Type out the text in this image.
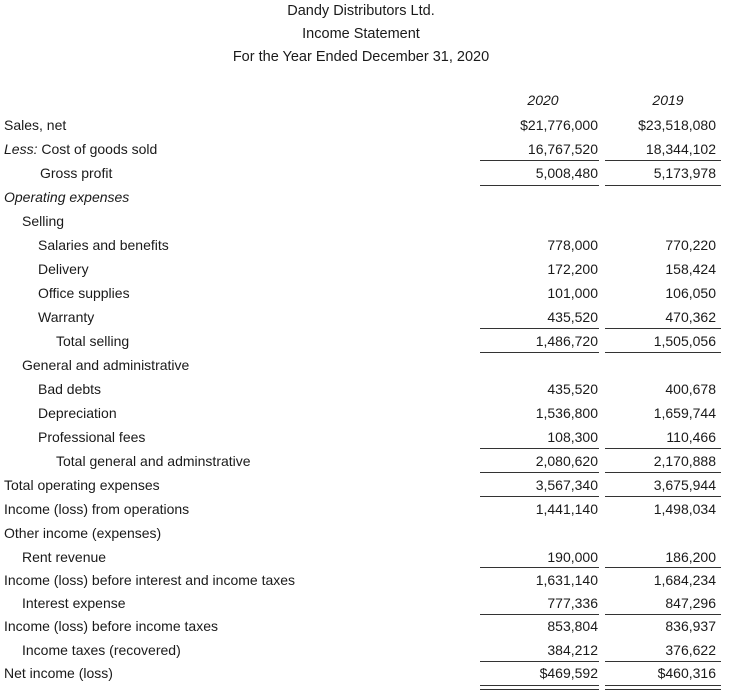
Dandy Distributors Ltd.
Income Statement
For the Year Ended December 31, 2020
2020	2019
Sales, net	$21,776,000	$23,518,080
Less: Cost of goods sold	16,767,520	18,344,102
Gross profit	5,008,480	5,173,978
Operating expenses
Selling
Salaries and benefits	778,000	770,220
Delivery	172,200	158,424
Office supplies	101,000	106,050
Warranty	435,520	470,362
Total selling	1,486,720	1,505,056
General and administrative
Bad debts	435,520	400,678
Depreciation	1,536,800	1,659,744
Professional fees	108,300	110,466
Total general and adminstrative	2,080,620	2,170,888
Total operating expenses	3,567,340	3,675,944
Income (loss) from operations	1,441,140	1,498,034
Other income (expenses)
Rent revenue	190,000	186,200
Income (loss) before interest and income taxes	1,631,140	1,684,234
Interest expense	777,336	847,296
Income (loss) before income taxes	853,804	836,937
Income taxes (recovered)	384,212	376,622
Net income (loss)	$469,592	$460,316
